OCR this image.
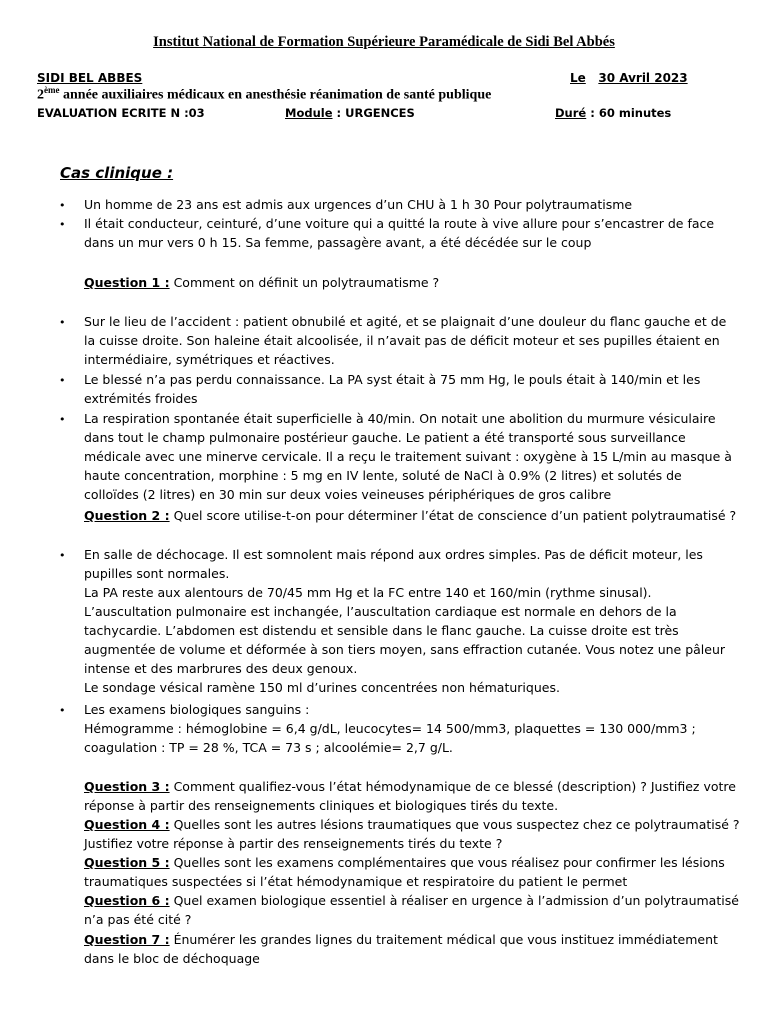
Institut National de Formation Supérieure Paramédicale de Sidi Bel Abbés
SIDI BEL ABBES	Le 30 Avril 2023
2ème année auxiliaires médicaux en anesthésie réanimation de santé publique
EVALUATION ECRITE N :03	Module : URGENCES	Duré : 60 minutes
Cas clinique :
• Un homme de 23 ans est admis aux urgences d’un CHU à 1 h 30 Pour polytraumatisme
• Il était conducteur, ceinturé, d’une voiture qui a quitté la route à vive allure pour s’encastrer de face
dans un mur vers 0 h 15. Sa femme, passagère avant, a été décédée sur le coup
Question 1 : Comment on définit un polytraumatisme ?
• Sur le lieu de l’accident : patient obnubilé et agité, et se plaignait d’une douleur du flanc gauche et de
la cuisse droite. Son haleine était alcoolisée, il n’avait pas de déficit moteur et ses pupilles étaient en
intermédiaire, symétriques et réactives.
• Le blessé n’a pas perdu connaissance. La PA syst était à 75 mm Hg, le pouls était à 140/min et les
extrémités froides
• La respiration spontanée était superficielle à 40/min. On notait une abolition du murmure vésiculaire
dans tout le champ pulmonaire postérieur gauche. Le patient a été transporté sous surveillance
médicale avec une minerve cervicale. Il a reçu le traitement suivant : oxygène à 15 L/min au masque à
haute concentration, morphine : 5 mg en IV lente, soluté de NaCl à 0.9% (2 litres) et solutés de
colloïdes (2 litres) en 30 min sur deux voies veineuses périphériques de gros calibre
Question 2 : Quel score utilise-t-on pour déterminer l’état de conscience d’un patient polytraumatisé ?
• En salle de déchocage. Il est somnolent mais répond aux ordres simples. Pas de déficit moteur, les
pupilles sont normales.
La PA reste aux alentours de 70/45 mm Hg et la FC entre 140 et 160/min (rythme sinusal).
L’auscultation pulmonaire est inchangée, l’auscultation cardiaque est normale en dehors de la
tachycardie. L’abdomen est distendu et sensible dans le flanc gauche. La cuisse droite est très
augmentée de volume et déformée à son tiers moyen, sans effraction cutanée. Vous notez une pâleur
intense et des marbrures des deux genoux.
Le sondage vésical ramène 150 ml d’urines concentrées non hématuriques.
• Les examens biologiques sanguins :
Hémogramme : hémoglobine = 6,4 g/dL, leucocytes= 14 500/mm3, plaquettes = 130 000/mm3 ;
coagulation : TP = 28 %, TCA = 73 s ; alcoolémie= 2,7 g/L.
Question 3 : Comment qualifiez-vous l’état hémodynamique de ce blessé (description) ? Justifiez votre
réponse à partir des renseignements cliniques et biologiques tirés du texte.
Question 4 : Quelles sont les autres lésions traumatiques que vous suspectez chez ce polytraumatisé ?
Justifiez votre réponse à partir des renseignements tirés du texte ?
Question 5 : Quelles sont les examens complémentaires que vous réalisez pour confirmer les lésions
traumatiques suspectées si l’état hémodynamique et respiratoire du patient le permet
Question 6 : Quel examen biologique essentiel à réaliser en urgence à l’admission d’un polytraumatisé
n’a pas été cité ?
Question 7 : Énumérer les grandes lignes du traitement médical que vous instituez immédiatement
dans le bloc de déchoquage
